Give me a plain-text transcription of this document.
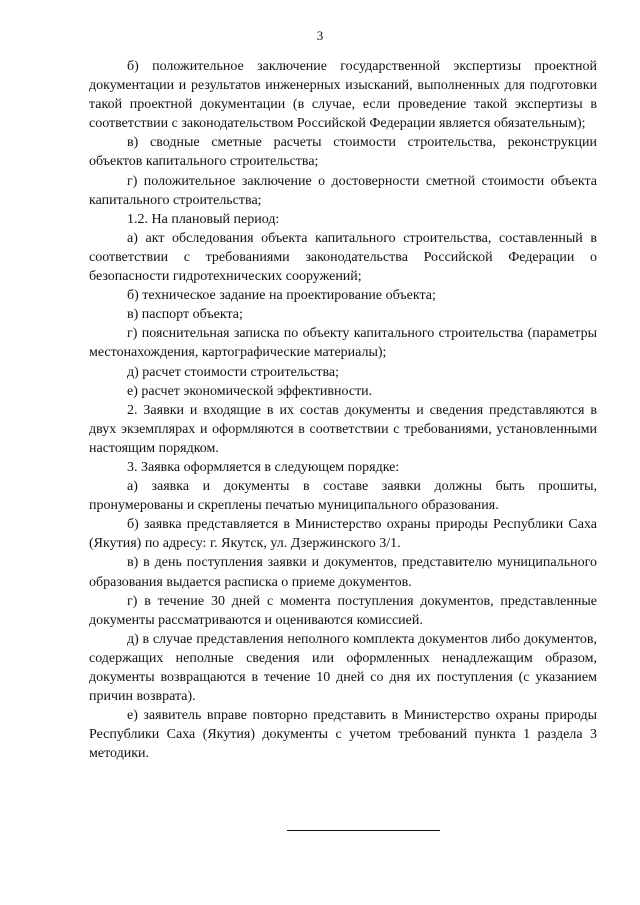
3

б) положительное заключение государственной экспертизы проектной документации и результатов инженерных изысканий, выполненных для подготовки такой проектной документации (в случае, если проведение такой экспертизы в соответствии с законодательством Российской Федерации является обязательным);

в) сводные сметные расчеты стоимости строительства, реконструкции объектов капитального строительства;

г) положительное заключение о достоверности сметной стоимости объекта капитального строительства;

1.2. На плановый период:

а) акт обследования объекта капитального строительства, составленный в соответствии с требованиями законодательства Российской Федерации о безопасности гидротехнических сооружений;

б) техническое задание на проектирование объекта;

в) паспорт объекта;

г) пояснительная записка по объекту капитального строительства (параметры местонахождения, картографические материалы);

д) расчет стоимости строительства;

е) расчет экономической эффективности.

2. Заявки и входящие в их состав документы и сведения представляются в двух экземплярах и оформляются в соответствии с требованиями, установленными настоящим порядком.

3. Заявка оформляется в следующем порядке:

а) заявка и документы в составе заявки должны быть прошиты, пронумерованы и скреплены печатью муниципального образования.

б) заявка представляется в Министерство охраны природы Республики Саха (Якутия) по адресу: г. Якутск, ул. Дзержинского 3/1.

в) в день поступления заявки и документов, представителю муниципального образования выдается расписка о приеме документов.

г) в течение 30 дней с момента поступления документов, представленные документы рассматриваются и оцениваются комиссией.

д) в случае представления неполного комплекта документов либо документов, содержащих неполные сведения или оформленных ненадлежащим образом, документы возвращаются в течение 10 дней со дня их поступления (с указанием причин возврата).

е) заявитель вправе повторно представить в Министерство охраны природы Республики Саха (Якутия) документы с учетом требований пункта 1 раздела 3 методики.
